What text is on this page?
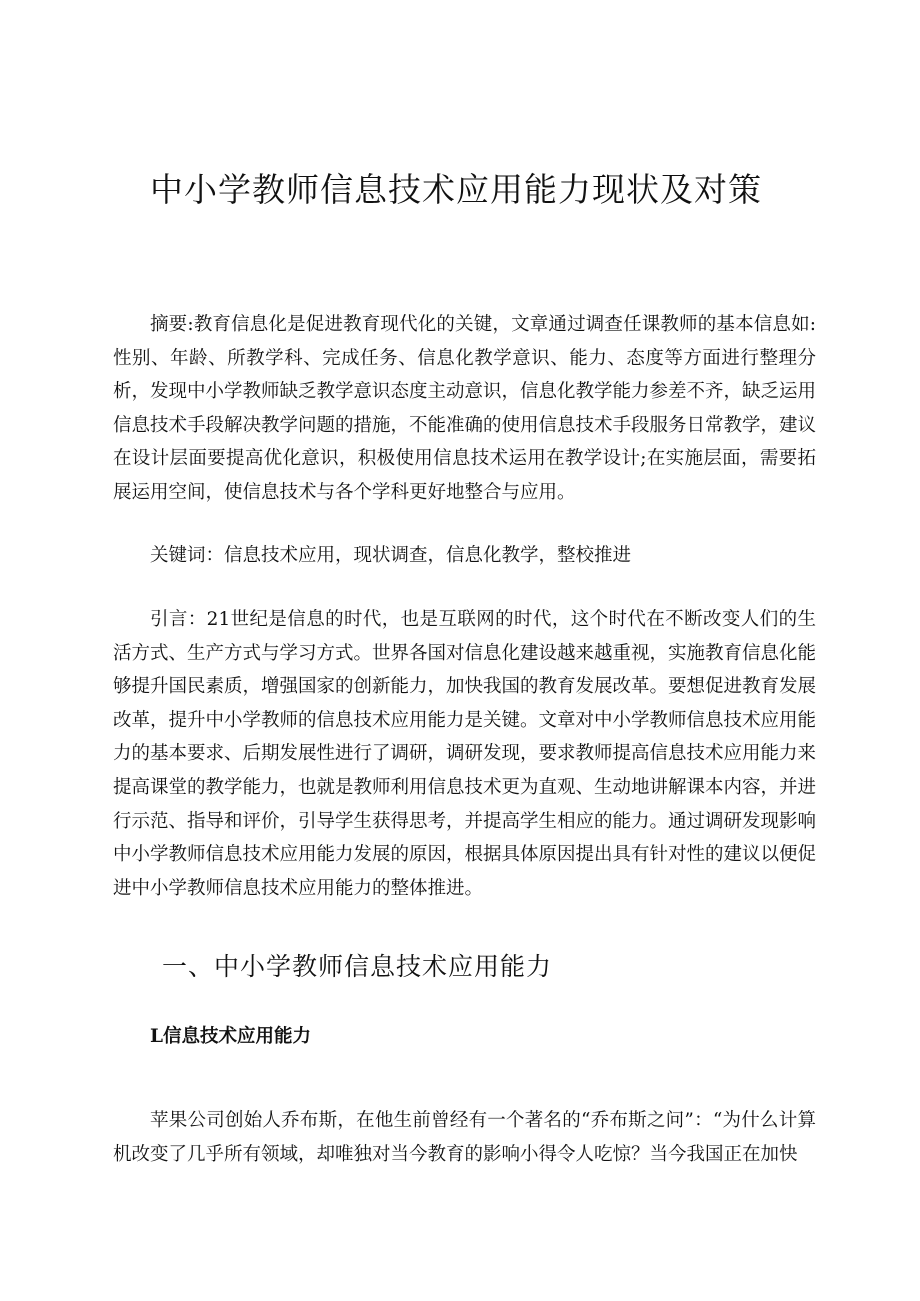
中小学教师信息技术应用能力现状及对策

摘要:教育信息化是促进教育现代化的关键，文章通过调查任课教师的基本信息如:性别、年龄、所教学科、完成任务、信息化教学意识、能力、态度等方面进行整理分析，发现中小学教师缺乏教学意识态度主动意识，信息化教学能力参差不齐，缺乏运用信息技术手段解决教学问题的措施，不能准确的使用信息技术手段服务日常教学，建议在设计层面要提高优化意识，积极使用信息技术运用在教学设计;在实施层面，需要拓展运用空间，使信息技术与各个学科更好地整合与应用。

关键词：信息技术应用，现状调查，信息化教学，整校推进

引言：21世纪是信息的时代，也是互联网的时代，这个时代在不断改变人们的生活方式、生产方式与学习方式。世界各国对信息化建设越来越重视，实施教育信息化能够提升国民素质，增强国家的创新能力，加快我国的教育发展改革。要想促进教育发展改革，提升中小学教师的信息技术应用能力是关键。文章对中小学教师信息技术应用能力的基本要求、后期发展性进行了调研，调研发现，要求教师提高信息技术应用能力来提高课堂的教学能力，也就是教师利用信息技术更为直观、生动地讲解课本内容，并进行示范、指导和评价，引导学生获得思考，并提高学生相应的能力。通过调研发现影响中小学教师信息技术应用能力发展的原因，根据具体原因提出具有针对性的建议以便促进中小学教师信息技术应用能力的整体推进。

一、中小学教师信息技术应用能力
L信息技术应用能力

苹果公司创始人乔布斯，在他生前曾经有一个著名的“乔布斯之问”：“为什么计算机改变了几乎所有领域，却唯独对当今教育的影响小得令人吃惊？当今我国正在加快
